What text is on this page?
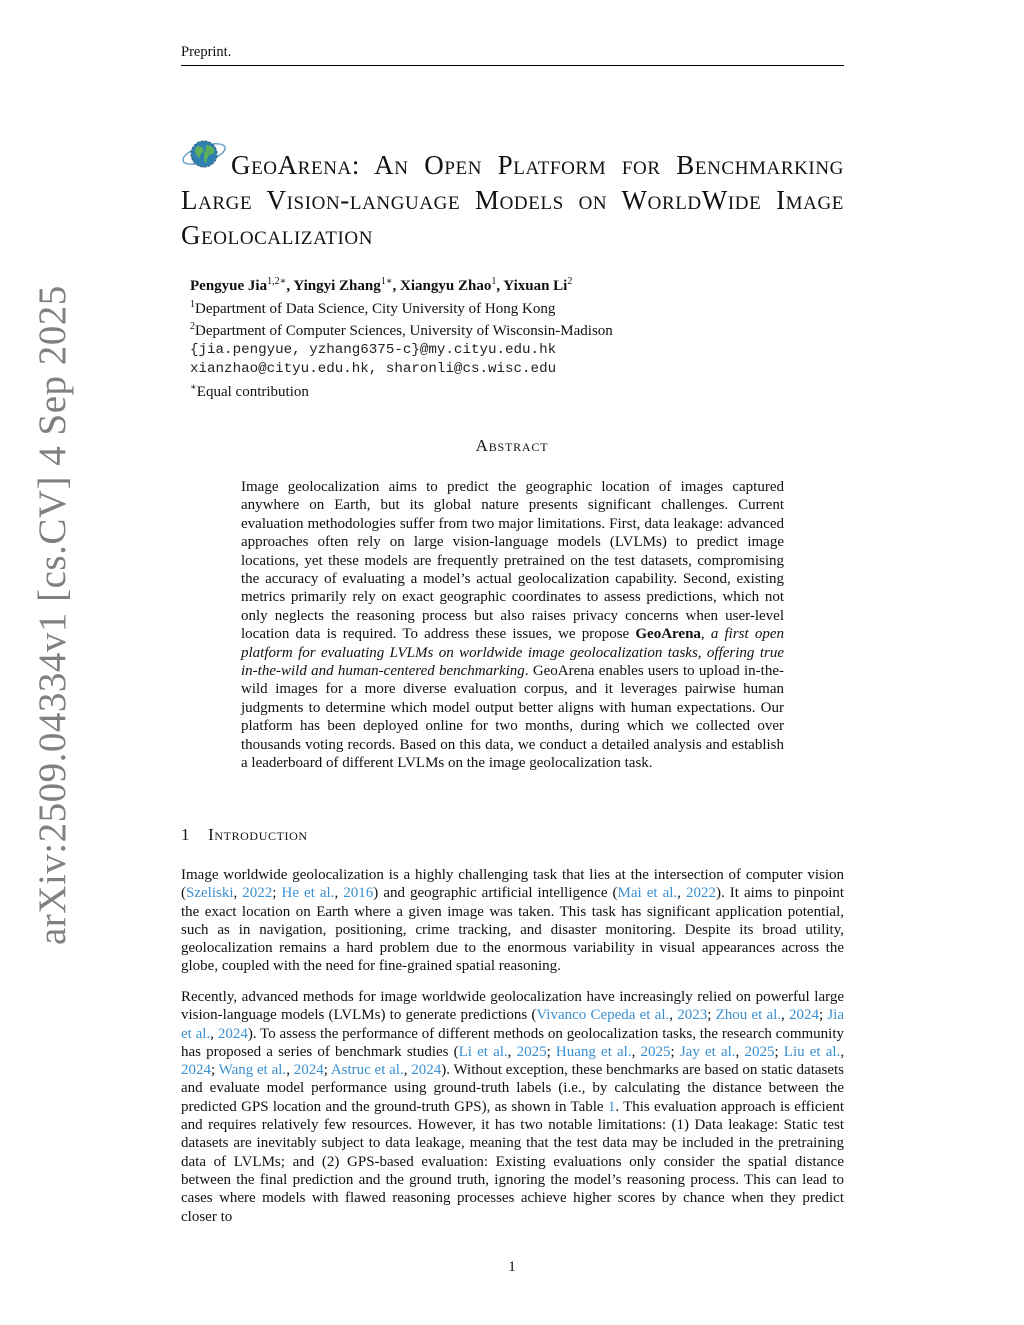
Preprint.
arXiv:2509.04334v1 [cs.CV] 4 Sep 2025
GeoArena: An Open Platform for Benchmarking Large Vision-language Models on WorldWide Image Geolocalization
Pengyue Jia$^{1,2∗}$, Yingyi Zhang$^{1∗}$, Xiangyu Zhao$^1$, Yixuan Li$^2$
$^1$Department of Data Science, City University of Hong Kong
$^2$Department of Computer Sciences, University of Wisconsin-Madison
{jia.pengyue, yzhang6375-c}@my.cityu.edu.hk
xianzhao@cityu.edu.hk, sharonli@cs.wisc.edu
∗Equal contribution
Abstract

Image geolocalization aims to predict the geographic location of images captured anywhere on Earth, but its global nature presents significant challenges. Current evaluation methodologies suffer from two major limitations. First, data leakage: advanced approaches often rely on large vision-language models (LVLMs) to predict image locations, yet these models are frequently pretrained on the test datasets, compromising the accuracy of evaluating a model’s actual geolocalization capability. Second, existing metrics primarily rely on exact geographic coordinates to assess predictions, which not only neglects the reasoning process but also raises privacy concerns when user-level location data is required. To address these issues, we propose GeoArena, a first open platform for evaluating LVLMs on worldwide image geolocalization tasks, offering true in-the-wild and human-centered benchmarking. GeoArena enables users to upload in-the-wild images for a more diverse evaluation corpus, and it leverages pairwise human judgments to determine which model output better aligns with human expectations. Our platform has been deployed online for two months, during which we collected over thousands voting records. Based on this data, we conduct a detailed analysis and establish a leaderboard of different LVLMs on the image geolocalization task.

1 Introduction

Image worldwide geolocalization is a highly challenging task that lies at the intersection of computer vision (Szeliski, 2022; He et al., 2016) and geographic artificial intelligence (Mai et al., 2022). It aims to pinpoint the exact location on Earth where a given image was taken. This task has significant application potential, such as in navigation, positioning, crime tracking, and disaster monitoring. Despite its broad utility, geolocalization remains a hard problem due to the enormous variability in visual appearances across the globe, coupled with the need for fine-grained spatial reasoning.

Recently, advanced methods for image worldwide geolocalization have increasingly relied on powerful large vision-language models (LVLMs) to generate predictions (Vivanco Cepeda et al., 2023; Zhou et al., 2024; Jia et al., 2024). To assess the performance of different methods on geolocalization tasks, the research community has proposed a series of benchmark studies (Li et al., 2025; Huang et al., 2025; Jay et al., 2025; Liu et al., 2024; Wang et al., 2024; Astruc et al., 2024). Without exception, these benchmarks are based on static datasets and evaluate model performance using ground-truth labels (i.e., by calculating the distance between the predicted GPS location and the ground-truth GPS), as shown in Table 1. This evaluation approach is efficient and requires relatively few resources. However, it has two notable limitations: (1) Data leakage: Static test datasets are inevitably subject to data leakage, meaning that the test data may be included in the pretraining data of LVLMs; and (2) GPS-based evaluation: Existing evaluations only consider the spatial distance between the final prediction and the ground truth, ignoring the model’s reasoning process. This can lead to cases where models with flawed reasoning processes achieve higher scores by chance when they predict closer to

1
